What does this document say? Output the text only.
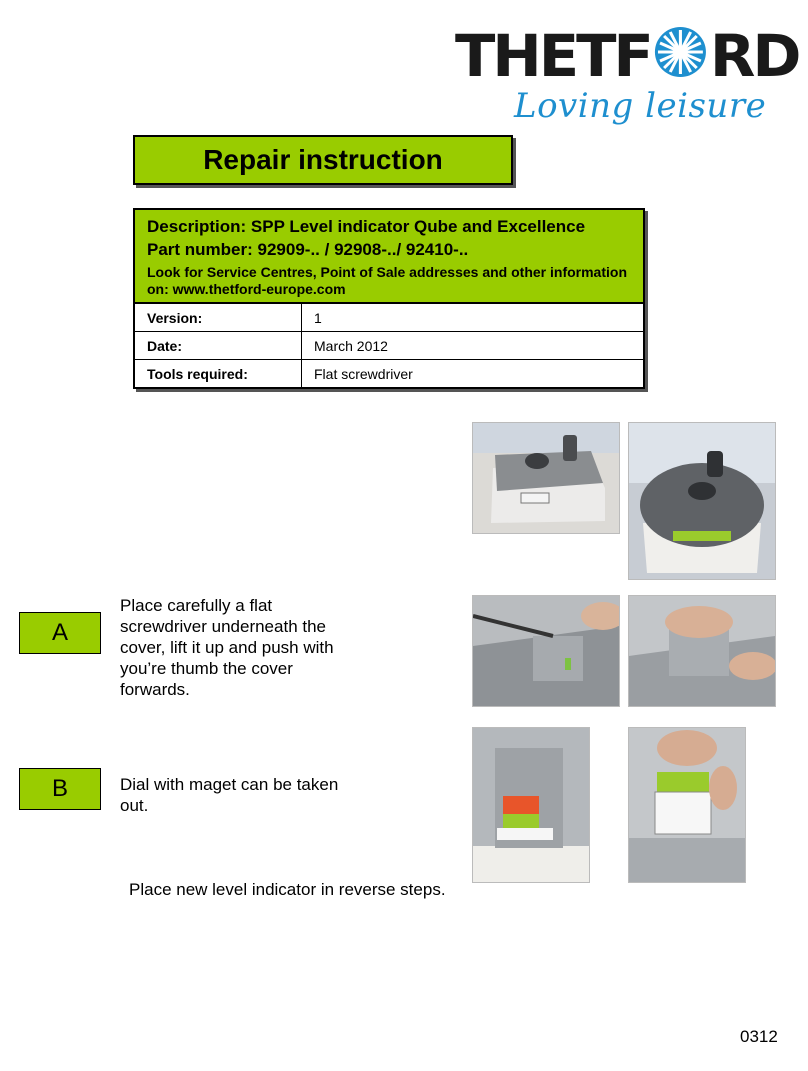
THETF RD
Loving leisure
Repair instruction
Description: SPP Level indicator Qube and Excellence
Part number: 92909-.. / 92908-../ 92410-..
Look for Service Centres, Point of Sale addresses and other information on: www.thetford-europe.com
Version:	1
Date:	March 2012
Tools required:	Flat screwdriver
A
Place carefully a flat screwdriver underneath the cover, lift it up and push with you’re thumb the cover forwards.
B	Dial with maget can be taken out.
Place new level indicator in reverse steps.
0312
